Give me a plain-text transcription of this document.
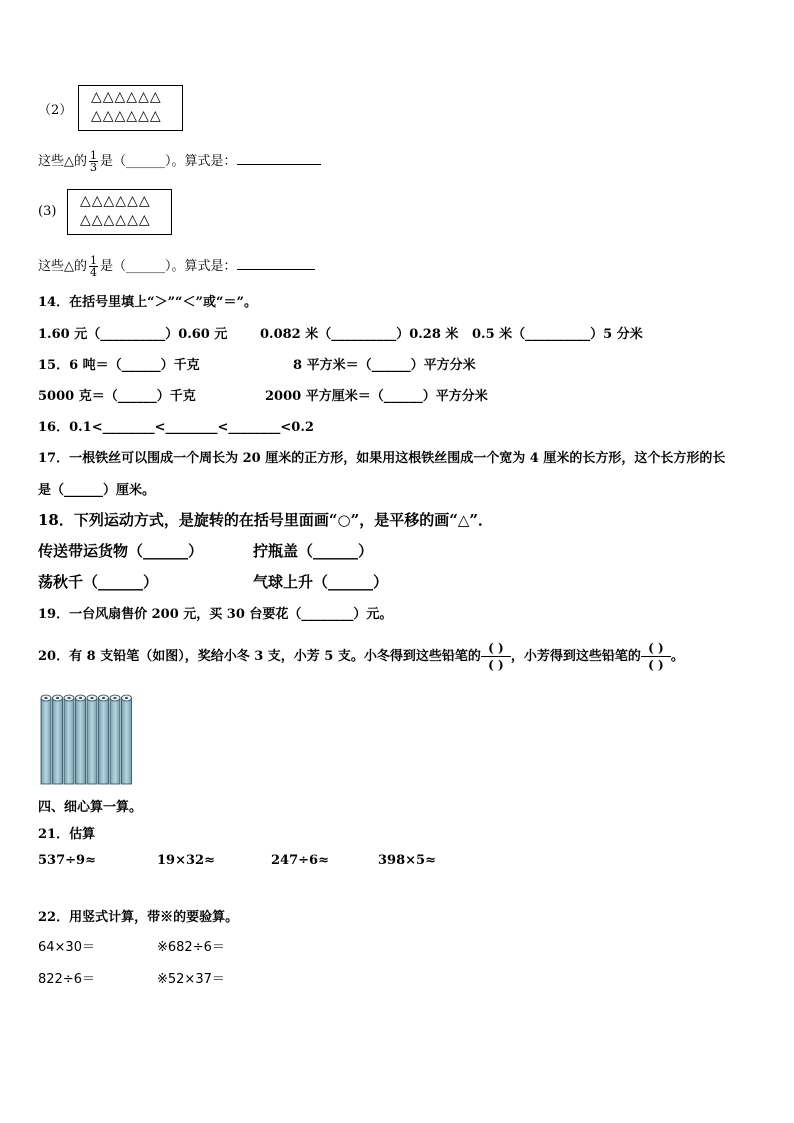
（2）
△△△△△△
△△△△△△
这些△的 $\frac{1}{3}$ 是（______）。算式是：
(3)
△△△△△△
△△△△△△
这些△的 $\frac{1}{4}$ 是（______）。算式是：
14．在括号里填上“＞”“＜”或“＝”。
1.60 元（__________）0.60 元	0.082 米（__________）0.28 米 0.5 米（__________）5 分米
15．6 吨＝（______）千克	8 平方米＝（______）平方分米
5000 克＝（______）千克	2000 平方厘米＝（______）平方分米
16．0.1<________<________<________<0.2
17．一根铁丝可以围成一个周长为 20 厘米的正方形，如果用这根铁丝围成一个宽为 4 厘米的长方形，这个长方形的长
是（______）厘米。
18．下列运动方式，是旋转的在括号里面画“○”，是平移的画“△”．
传送带运货物（______）	拧瓶盖（______）
荡秋千（______）	气球上升（______）
19．一台风扇售价 200 元，买 30 台要花（________）元。
20．有 8 支铅笔（如图），奖给小冬 3 支，小芳 5 支。小冬得到这些铅笔的 $\frac{( )}{( )}$，小芳得到这些铅笔的 $\frac{( )}{( )}$。
四、细心算一算。
21．估算
537÷9≈	19×32≈	247÷6≈	398×5≈
22．用竖式计算，带※的要验算。
64×30＝	※682÷6＝
822÷6＝	※52×37＝
